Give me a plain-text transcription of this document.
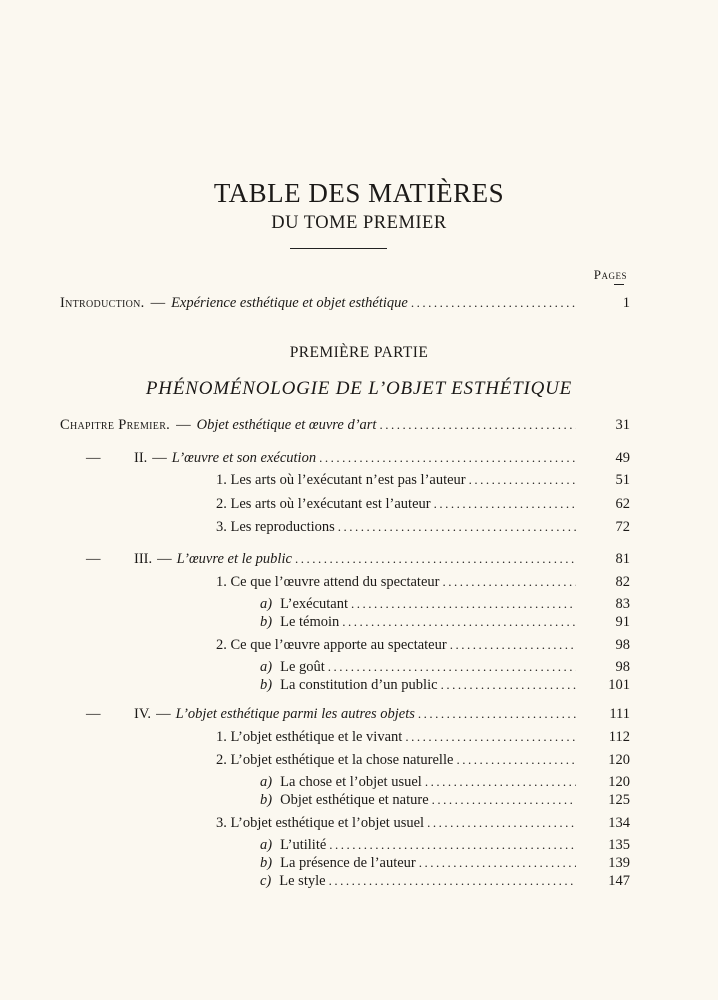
TABLE DES MATIÈRES
DU TOME PREMIER
Pages
Introduction. — Expérience esthétique et objet esthétique .....	1
PREMIÈRE PARTIE
PHÉNOMÉNOLOGIE DE L’OBJET ESTHÉTIQUE
Chapitre Premier. — Objet esthétique et œuvre d’art .....	31
— II. — L’œuvre et son exécution .....	49
1. Les arts où l’exécutant n’est pas l’auteur .....	51
2. Les arts où l’exécutant est l’auteur .....	62
3. Les reproductions .....	72
— III. — L’œuvre et le public .....	81
1. Ce que l’œuvre attend du spectateur .....	82
a) L’exécutant .....	83
b) Le témoin .....	91
2. Ce que l’œuvre apporte au spectateur .....	98
a) Le goût .....	98
b) La constitution d’un public .....	101
— IV. — L’objet esthétique parmi les autres objets .....	111
1. L’objet esthétique et le vivant .....	112
2. L’objet esthétique et la chose naturelle .....	120
a) La chose et l’objet usuel .....	120
b) Objet esthétique et nature .....	125
3. L’objet esthétique et l’objet usuel .....	134
a) L’utilité .....	135
b) La présence de l’auteur .....	139
c) Le style .....	147
